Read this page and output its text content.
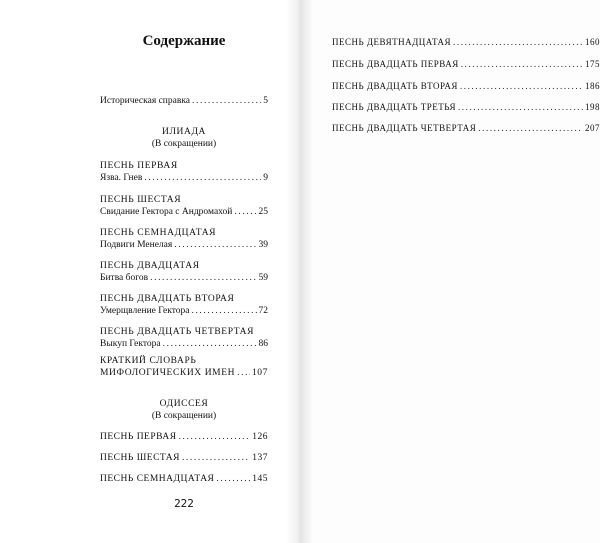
Содержание
Историческая справка .....	5
ИЛИАДА
(В сокращении)
ПЕСНЬ ПЕРВАЯ
Язва. Гнев .....	9
ПЕСНЬ ШЕСТАЯ
Свидание Гектора с Андромахой .....	25
ПЕСНЬ СЕМНАДЦАТАЯ
Подвиги Менелая .....	39
ПЕСНЬ ДВАДЦАТАЯ
Битва богов .....	59
ПЕСНЬ ДВАДЦАТЬ ВТОРАЯ
Умерщвление Гектора .....	72
ПЕСНЬ ДВАДЦАТЬ ЧЕТВЕРТАЯ
Выкуп Гектора .....	86
КРАТКИЙ СЛОВАРЬ
МИФОЛОГИЧЕСКИХ ИМЕН ..... 107
ОДИССЕЯ
(В сокращении)
ПЕСНЬ ПЕРВАЯ .....	126
ПЕСНЬ ШЕСТАЯ .....	137
ПЕСНЬ СЕМНАДЦАТАЯ .....	145
222
ПЕСНЬ ДЕВЯТНАДЦАТАЯ .....	160
ПЕСНЬ ДВАДЦАТЬ ПЕРВАЯ .....	175
ПЕСНЬ ДВАДЦАТЬ ВТОРАЯ .....	186
ПЕСНЬ ДВАДЦАТЬ ТРЕТЬЯ .....	198
ПЕСНЬ ДВАДЦАТЬ ЧЕТВЕРТАЯ .....	207
